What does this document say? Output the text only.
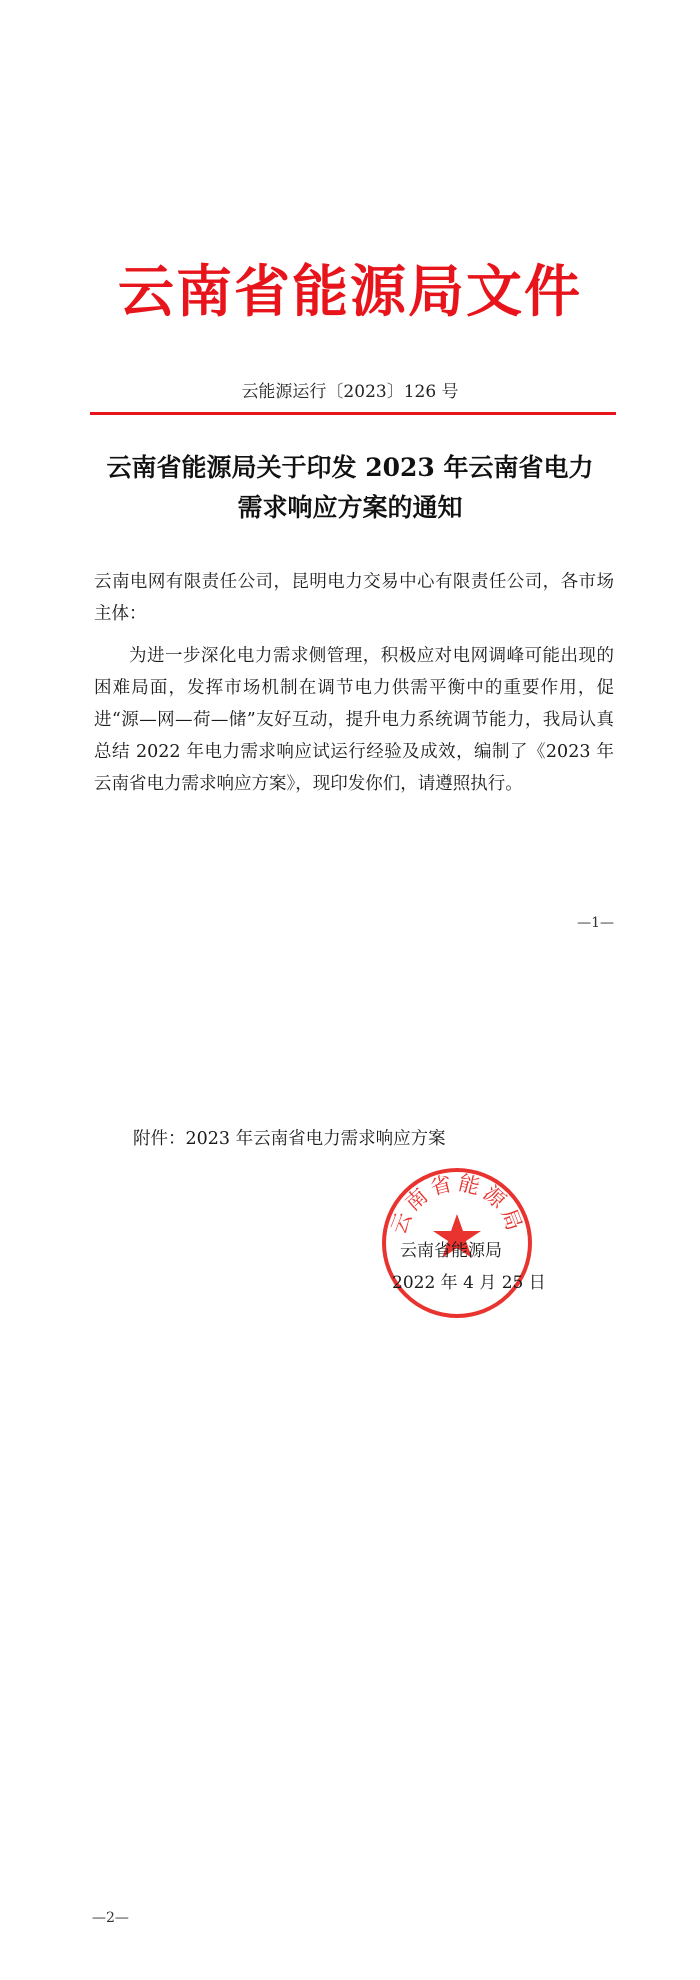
云南省能源局文件
云能源运行〔2023〕126 号
云南省能源局关于印发 2023 年云南省电力
需求响应方案的通知
云南电网有限责任公司，昆明电力交易中心有限责任公司，各市场主体：
为进一步深化电力需求侧管理，积极应对电网调峰可能出现的困难局面，发挥市场机制在调节电力供需平衡中的重要作用，促进“源—网—荷—储”友好互动，提升电力系统调节能力，我局认真总结 2022 年电力需求响应试运行经验及成效，编制了《2023 年云南省电力需求响应方案》，现印发你们，请遵照执行。
—1—
附件：2023 年云南省电力需求响应方案
云南省能源局
云南省能源局
2022 年 4 月 25 日
—2—
